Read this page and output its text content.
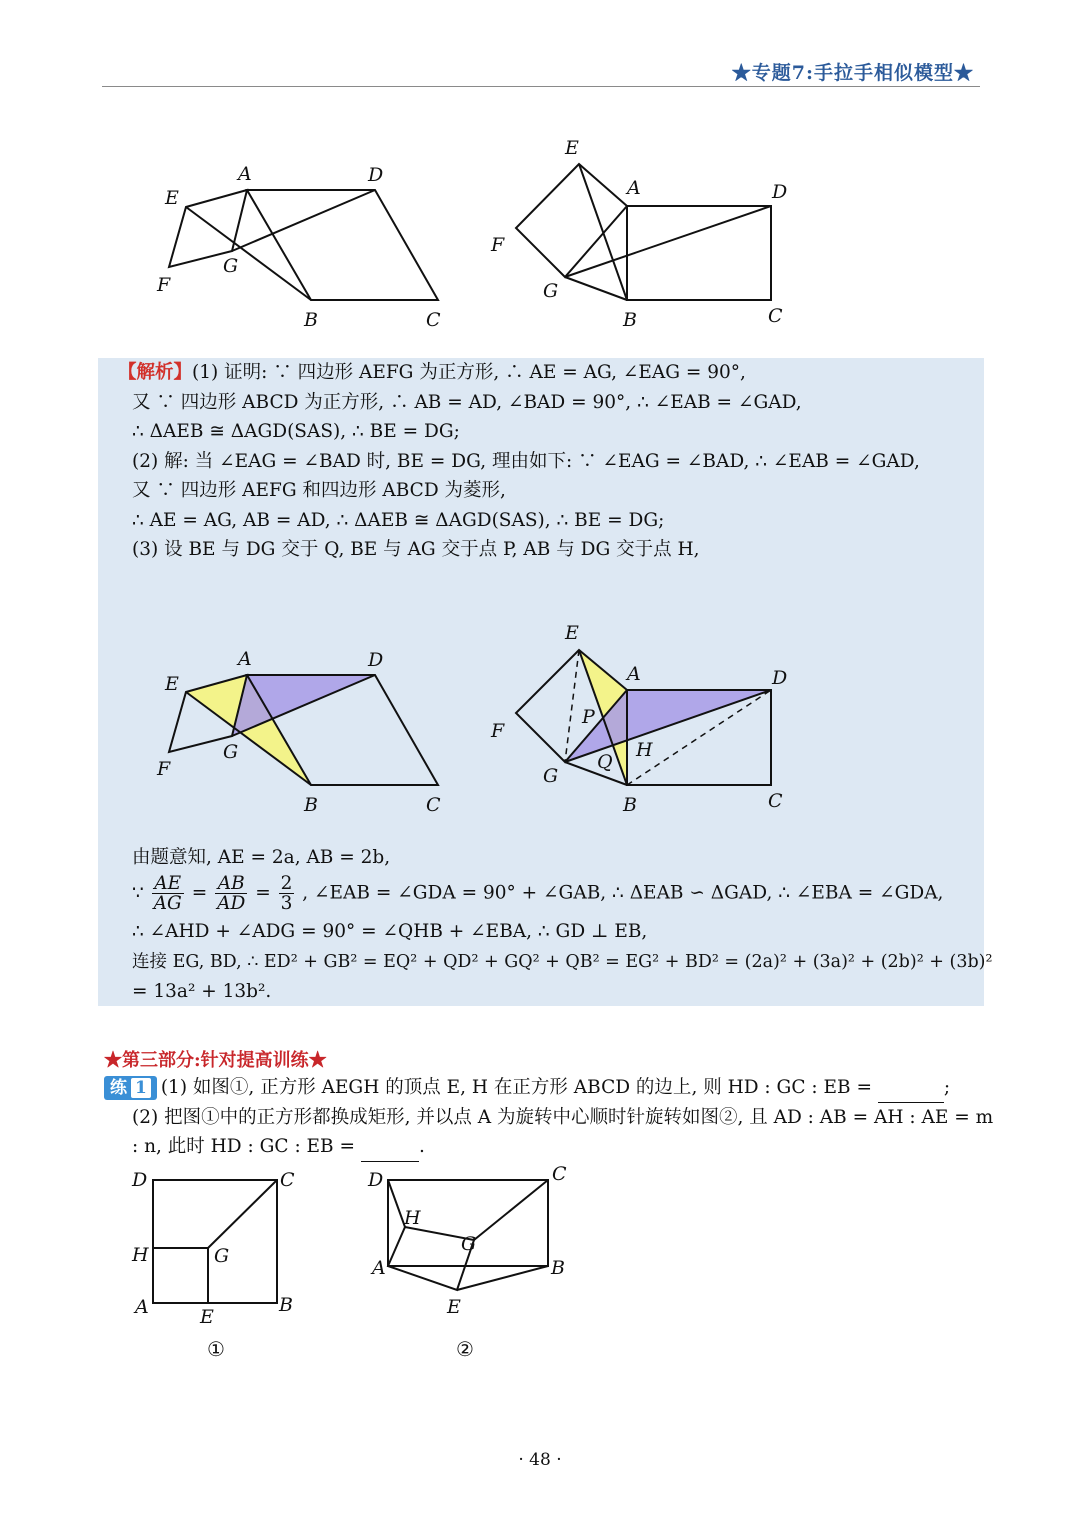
★专题7:手拉手相似模型★
A	D
E
F
G
B	C
E
A	D
F
G
B	C
【解析】(1) 证明: ∵ 四边形 AEFG 为正方形, ∴ AE = AG, ∠EAG = 90°,
又 ∵ 四边形 ABCD 为正方形, ∴ AB = AD, ∠BAD = 90°, ∴ ∠EAB = ∠GAD,
∴ ΔAEB ≅ ΔAGD(SAS), ∴ BE = DG;
(2) 解: 当 ∠EAG = ∠BAD 时, BE = DG, 理由如下: ∵ ∠EAG = ∠BAD, ∴ ∠EAB = ∠GAD,
又 ∵ 四边形 AEFG 和四边形 ABCD 为菱形,
∴ AE = AG, AB = AD, ∴ ΔAEB ≅ ΔAGD(SAS), ∴ BE = DG;
(3) 设 BE 与 DG 交于 Q, BE 与 AG 交于点 P, AB 与 DG 交于点 H,
A	D
E
F
G
B	C
E
A	D
F
P
H
Q
G
B	C
由题意知, AE = 2a, AB = 2b,
∵ $\frac{AE}{AG} = \frac{AB}{AD} = \frac{2}{3}$ , ∠EAB = ∠GDA = 90° + ∠GAB, ∴ ΔEAB ∽ ΔGAD, ∴ ∠EBA = ∠GDA,
∴ ∠AHD + ∠ADG = 90° = ∠QHB + ∠EBA, ∴ GD ⊥ EB,
连接 EG, BD, ∴ ED² + GB² = EQ² + QD² + GQ² + QB² = EG² + BD² = (2a)² + (3a)² + (2b)² + (3b)²
= 13a² + 13b².
★第三部分:针对提高训练★
练 1 (1) 如图①, 正方形 AEGH 的顶点 E, H 在正方形 ABCD 的边上, 则 HD : GC : EB =	;
(2) 把图①中的正方形都换成矩形, 并以点 A 为旋转中心顺时针旋转如图②, 且 AD : AB = AH : AE = m
: n, 此时 HD : GC : EB =	.
D	C
H	G
A	E
B
①
D	C
H
G
A	B
E
②
· 48 ·
